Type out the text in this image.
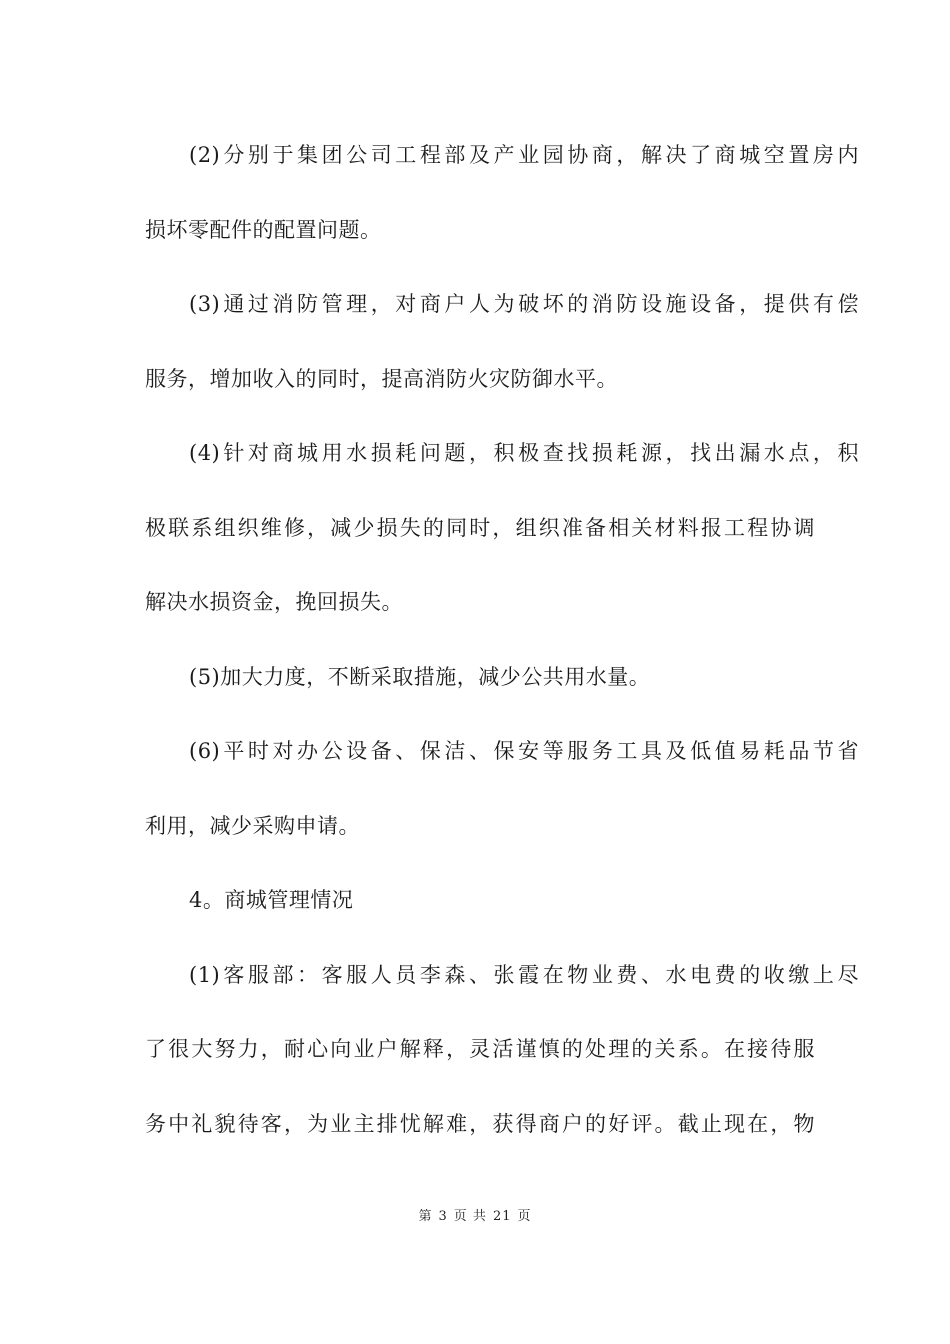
(2)分别于集团公司工程部及产业园协商，解决了商城空置房内
损坏零配件的配置问题。
(3)通过消防管理，对商户人为破坏的消防设施设备，提供有偿
服务，增加收入的同时，提高消防火灾防御水平。
(4)针对商城用水损耗问题，积极查找损耗源，找出漏水点，积
极联系组织维修，减少损失的同时，组织准备相关材料报工程协调
解决水损资金，挽回损失。
(5)加大力度，不断采取措施，减少公共用水量。
(6)平时对办公设备、保洁、保安等服务工具及低值易耗品节省
利用，减少采购申请。
4。商城管理情况
(1)客服部：客服人员李森、张霞在物业费、水电费的收缴上尽
了很大努力，耐心向业户解释，灵活谨慎的处理的关系。在接待服
务中礼貌待客，为业主排忧解难，获得商户的好评。截止现在，物
第 3 页 共 21 页
